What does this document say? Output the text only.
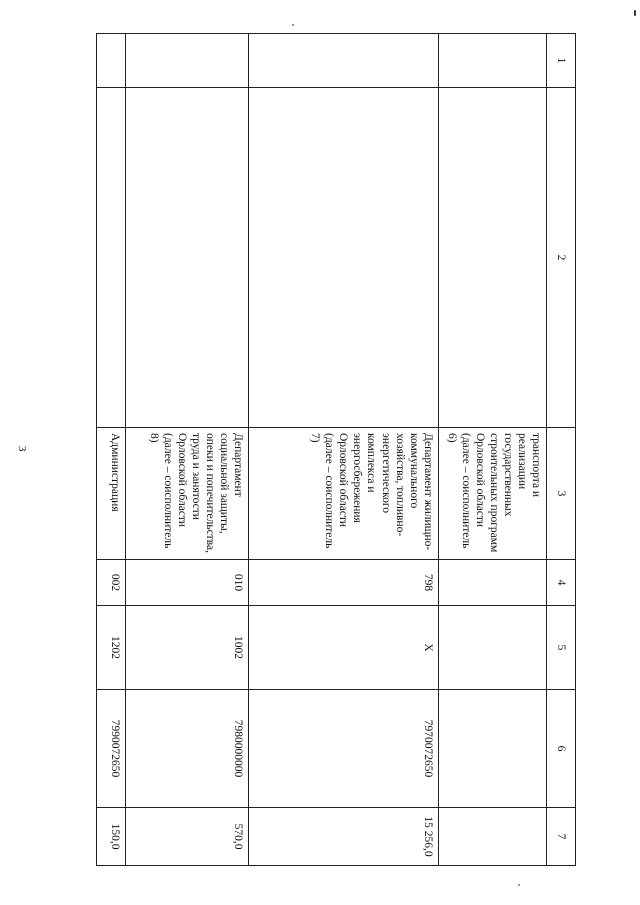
3
1	2	3	4	5	6	7
		транспорта и реализации государственных строительных программ Орловской области (далее – соисполнитель 6)				
		Департамент жилищно-коммунального хозяйства, топливно-энергетического комплекса и энергосбережения Орловской области (далее – соисполнитель 7)	798	X	7970072650	15 256,0
		Департамент социальной защиты, опеки и попечительства, труда и занятости Орловской области (далее – соисполнитель 8)	010	1002	7980000000	570,0
		Администрация	002	1202	7990072650	150,0
